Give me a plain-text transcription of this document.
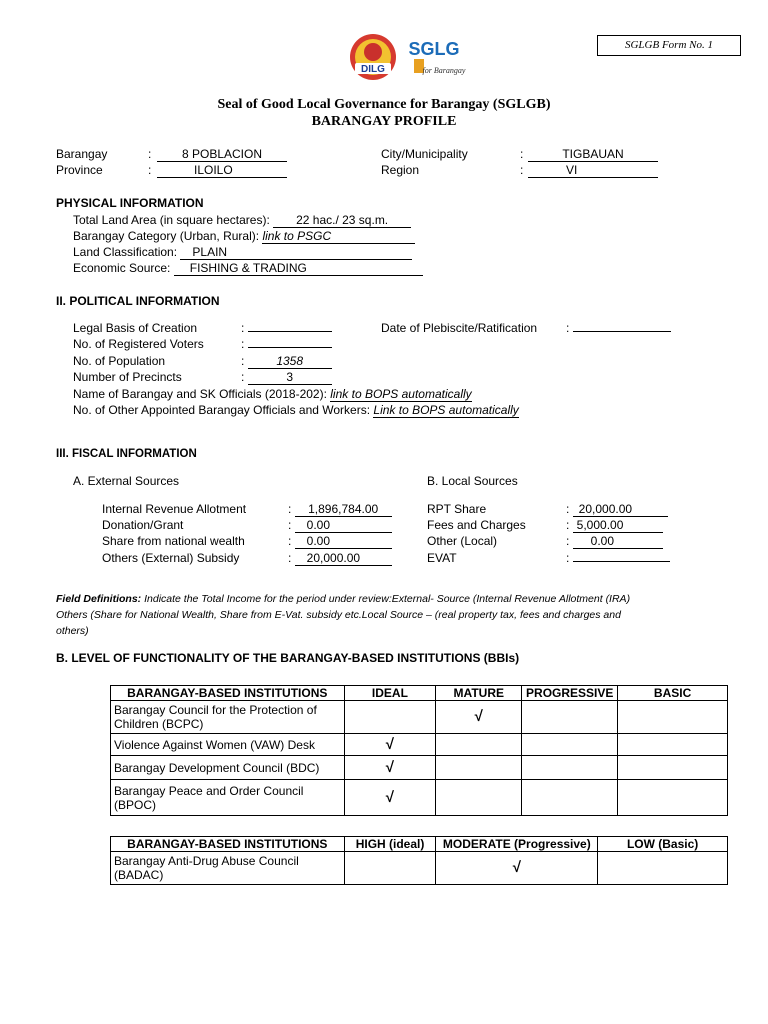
DILG
SGLG
for Barangay
SGLGB Form No. 1
Seal of Good Local Governance for Barangay (SGLGB)
BARANGAY PROFILE
Barangay	:	8 POBLACION
Province	:	ILOILO
City/Municipality	:	TIGBAUAN
Region	:	VI
PHYSICAL INFORMATION
Total Land Area (in square hectares): 22 hac./ 23 sq.m.
Barangay Category (Urban, Rural): link to PSGC
Land Classification: PLAIN
Economic Source: FISHING & TRADING
II. POLITICAL INFORMATION
Legal Basis of Creation	:	Date of Plebiscite/Ratification :
No. of Registered Voters	:
No. of Population	: 1358
Number of Precincts	:	3
Name of Barangay and SK Officials (2018-202): link to BOPS automatically
No. of Other Appointed Barangay Officials and Workers: Link to BOPS automatically
III. FISCAL INFORMATION
A. External Sources	B. Local Sources
Internal Revenue Allotment	: 1,896,784.00
Donation/Grant	: 0.00
Share from national wealth	: 0.00
Others (External) Subsidy	: 20,000.00
RPT Share	: 20,000.00
Fees and Charges	: 5,000.00
Other (Local)	: 0.00
EVAT	:
Field Definitions: Indicate the Total Income for the period under review:External- Source (Internal Revenue Allotment (IRA)
Others (Share for National Wealth, Share from E-Vat. subsidy etc.Local Source – (real property tax, fees and charges and
others)
B. LEVEL OF FUNCTIONALITY OF THE BARANGAY-BASED INSTITUTIONS (BBIs)
BARANGAY-BASED INSTITUTIONS	IDEAL	MATURE	PROGRESSIVE	BASIC
Barangay Council for the Protection of Children (BCPC)		√		
Violence Against Women (VAW) Desk	√			
Barangay Development Council (BDC)	√			
Barangay Peace and Order Council (BPOC)	√			
BARANGAY-BASED INSTITUTIONS	HIGH (ideal)	MODERATE (Progressive)	LOW (Basic)
Barangay Anti-Drug Abuse Council (BADAC)		√	
